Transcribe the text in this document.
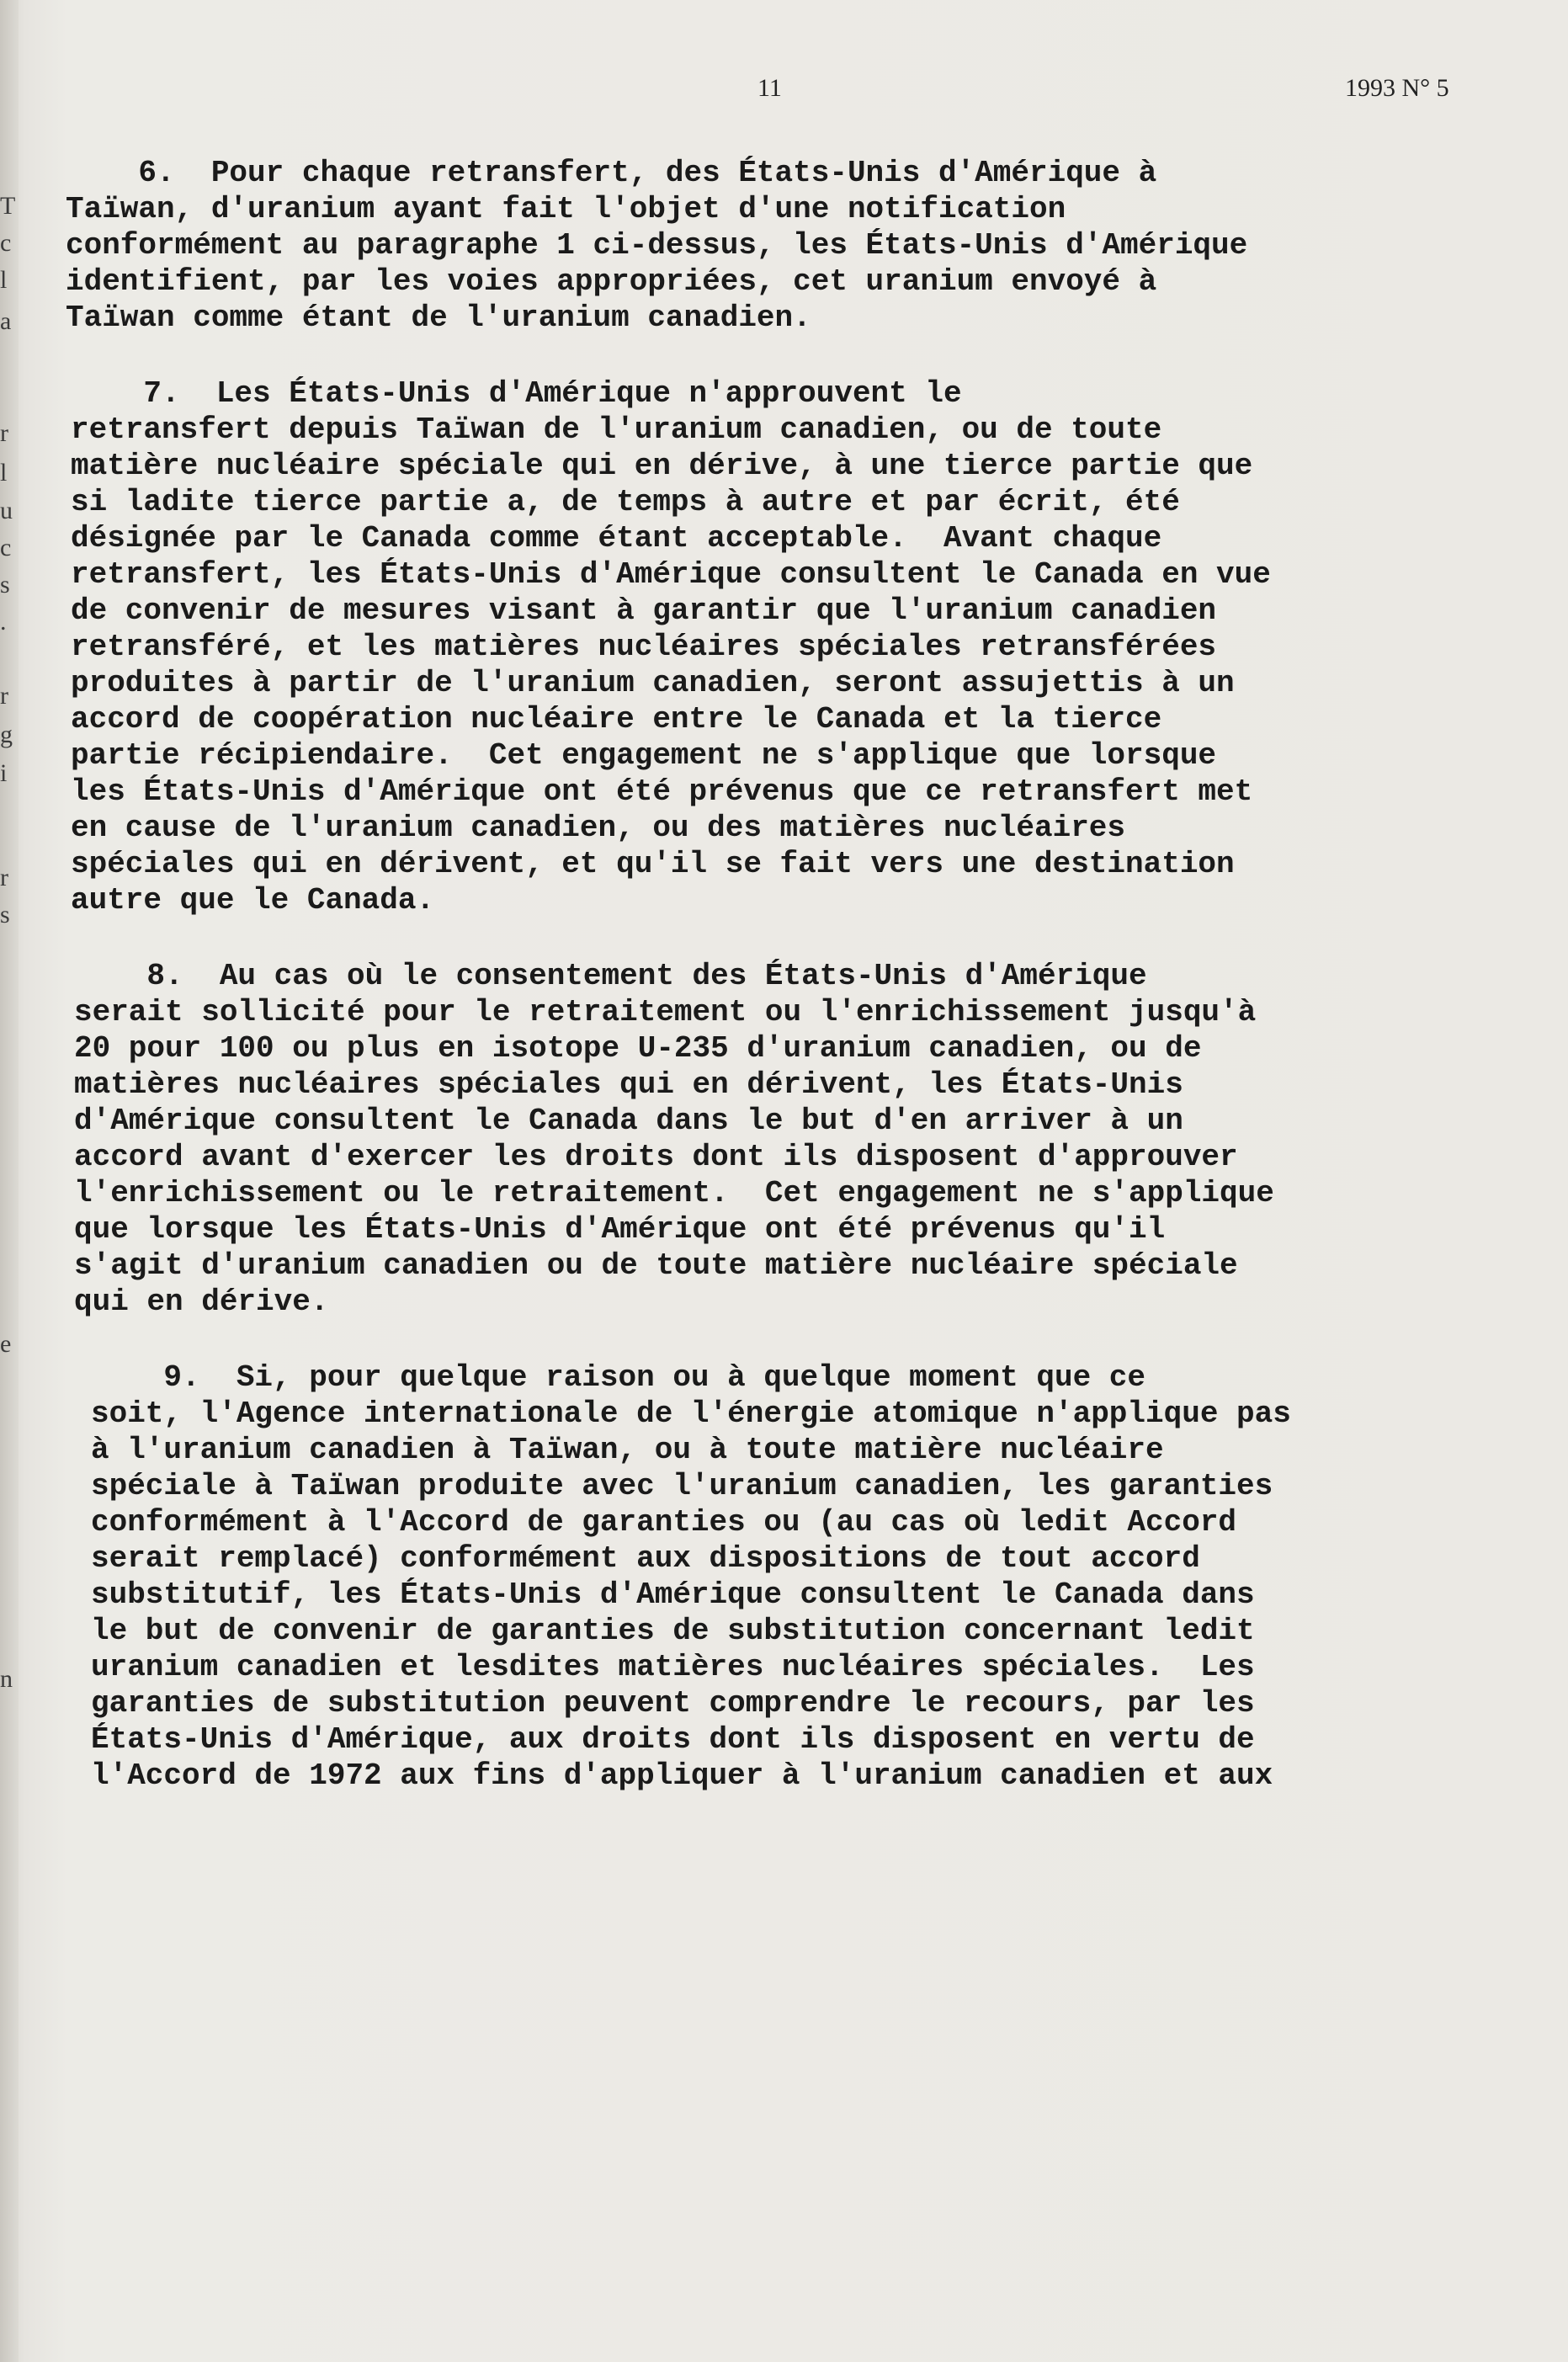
T
c
l
a
r
l
u
c
s
.
r
g
i
r
s
e
n
11	1993 N° 5
6.  Pour chaque retransfert, des États-Unis d'Amérique à
Taïwan, d'uranium ayant fait l'objet d'une notification
conformément au paragraphe 1 ci-dessus, les États-Unis d'Amérique
identifient, par les voies appropriées, cet uranium envoyé à
Taïwan comme étant de l'uranium canadien.
7.  Les États-Unis d'Amérique n'approuvent le
retransfert depuis Taïwan de l'uranium canadien, ou de toute
matière nucléaire spéciale qui en dérive, à une tierce partie que
si ladite tierce partie a, de temps à autre et par écrit, été
désignée par le Canada comme étant acceptable.  Avant chaque
retransfert, les États-Unis d'Amérique consultent le Canada en vue
de convenir de mesures visant à garantir que l'uranium canadien
retransféré, et les matières nucléaires spéciales retransférées
produites à partir de l'uranium canadien, seront assujettis à un
accord de coopération nucléaire entre le Canada et la tierce
partie récipiendaire.  Cet engagement ne s'applique que lorsque
les États-Unis d'Amérique ont été prévenus que ce retransfert met
en cause de l'uranium canadien, ou des matières nucléaires
spéciales qui en dérivent, et qu'il se fait vers une destination
autre que le Canada.
8.  Au cas où le consentement des États-Unis d'Amérique
serait sollicité pour le retraitement ou l'enrichissement jusqu'à
20 pour 100 ou plus en isotope U-235 d'uranium canadien, ou de
matières nucléaires spéciales qui en dérivent, les États-Unis
d'Amérique consultent le Canada dans le but d'en arriver à un
accord avant d'exercer les droits dont ils disposent d'approuver
l'enrichissement ou le retraitement.  Cet engagement ne s'applique
que lorsque les États-Unis d'Amérique ont été prévenus qu'il
s'agit d'uranium canadien ou de toute matière nucléaire spéciale
qui en dérive.
9.  Si, pour quelque raison ou à quelque moment que ce
soit, l'Agence internationale de l'énergie atomique n'applique pas
à l'uranium canadien à Taïwan, ou à toute matière nucléaire
spéciale à Taïwan produite avec l'uranium canadien, les garanties
conformément à l'Accord de garanties ou (au cas où ledit Accord
serait remplacé) conformément aux dispositions de tout accord
substitutif, les États-Unis d'Amérique consultent le Canada dans
le but de convenir de garanties de substitution concernant ledit
uranium canadien et lesdites matières nucléaires spéciales.  Les
garanties de substitution peuvent comprendre le recours, par les
États-Unis d'Amérique, aux droits dont ils disposent en vertu de
l'Accord de 1972 aux fins d'appliquer à l'uranium canadien et aux
